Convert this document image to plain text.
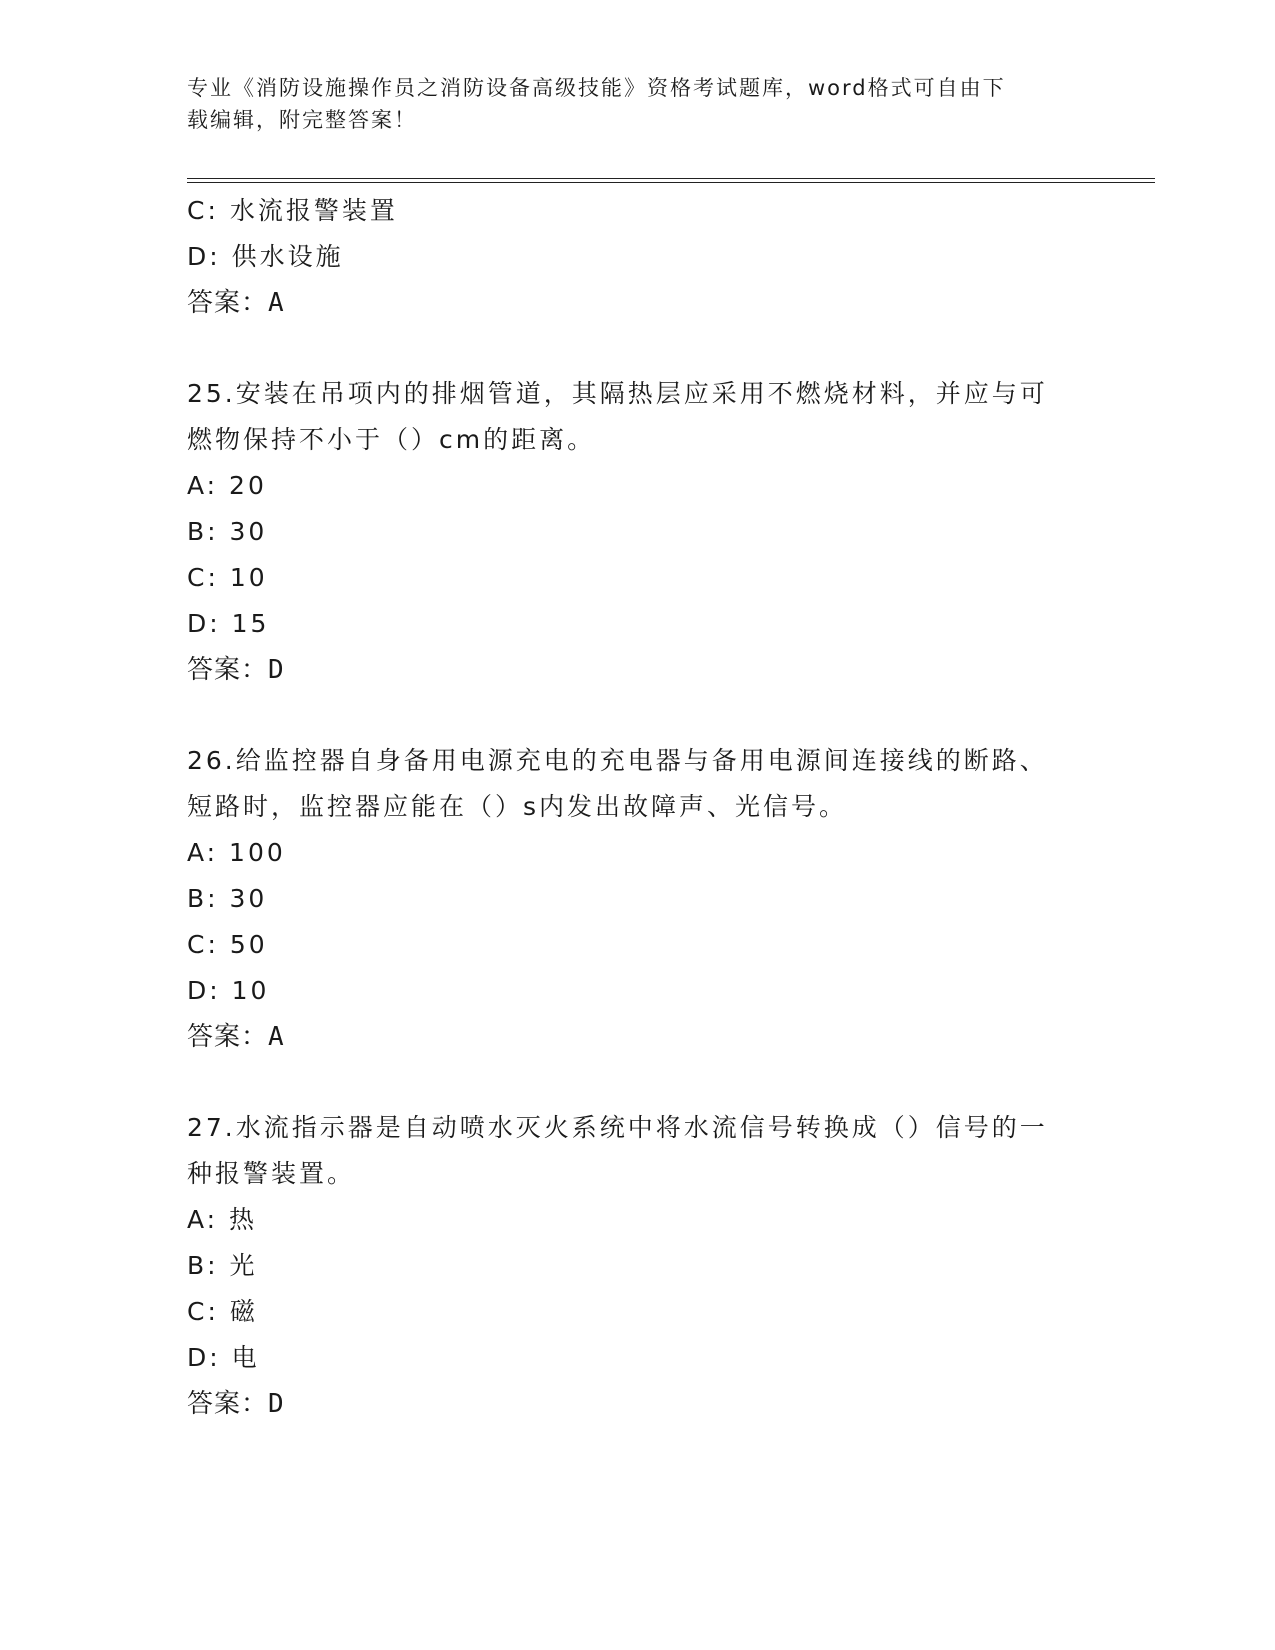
专业《消防设施操作员之消防设备高级技能》资格考试题库，word格式可自由下
载编辑，附完整答案！
C: 水流报警装置
D: 供水设施
答案：A
25.安装在吊项内的排烟管道，其隔热层应采用不燃烧材料，并应与可
燃物保持不小于（）cm的距离。
A: 20
B: 30
C: 10
D: 15
答案：D
26.给监控器自身备用电源充电的充电器与备用电源间连接线的断路、
短路时，监控器应能在（）s内发出故障声、光信号。
A: 100
B: 30
C: 50
D: 10
答案：A
27.水流指示器是自动喷水灭火系统中将水流信号转换成（）信号的一
种报警装置。
A: 热
B: 光
C: 磁
D: 电
答案：D
